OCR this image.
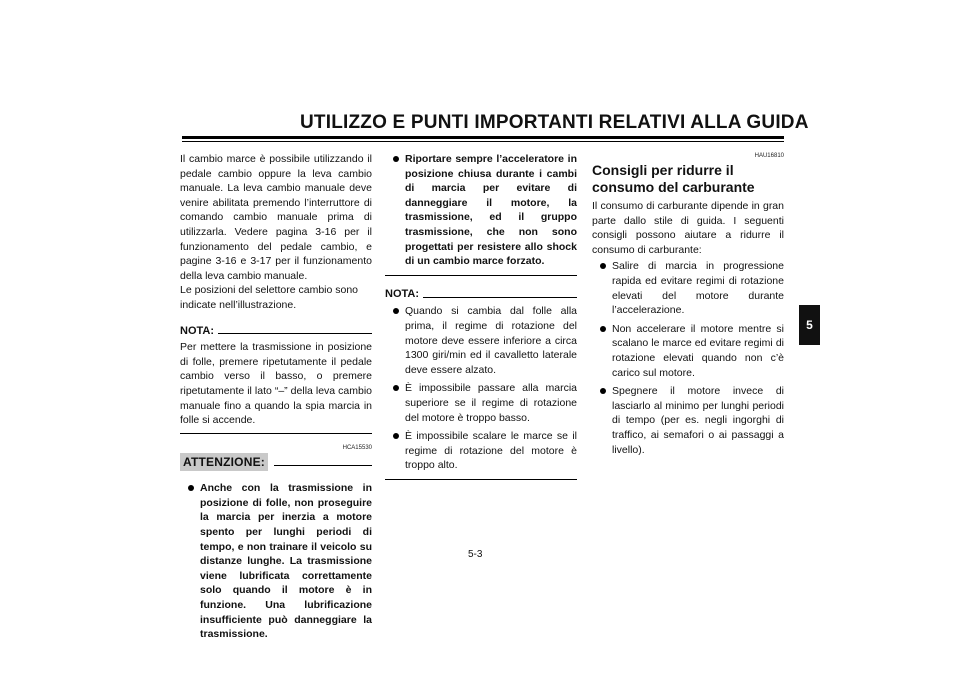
UTILIZZO E PUNTI IMPORTANTI RELATIVI ALLA GUIDA

Il cambio marce è possibile utilizzando il pedale cambio oppure la leva cambio manuale. La leva cambio manuale deve venire abilitata premendo l’interruttore di comando cambio manuale prima di utilizzarla. Vedere pagina 3-16 per il funzionamento del pedale cambio, e pagine 3-16 e 3-17 per il funzionamento della leva cambio manuale.

Le posizioni del selettore cambio sono indicate nell’illustrazione.

NOTA:

Per mettere la trasmissione in posizione di folle, premere ripetutamente il pedale cambio verso il basso, o premere ripetutamente il lato “–” della leva cambio manuale fino a quando la spia marcia in folle si accende.

HCA15530
ATTENZIONE:
Anche con la trasmissione in posizione di folle, non proseguire la marcia per inerzia a motore spento per lunghi periodi di tempo, e non trainare il veicolo su distanze lunghe. La trasmissione viene lubrificata correttamente solo quando il motore è in funzione. Una lubrificazione insufficiente può danneggiare la trasmissione.
Riportare sempre l’acceleratore in posizione chiusa durante i cambi di marcia per evitare di danneggiare il motore, la trasmissione, ed il gruppo trasmissione, che non sono progettati per resistere allo shock di un cambio marce forzato.
NOTA:
Quando si cambia dal folle alla prima, il regime di rotazione del motore deve essere inferiore a circa 1300 giri/min ed il cavalletto laterale deve essere alzato.
È impossibile passare alla marcia superiore se il regime di rotazione del motore è troppo basso.
È impossibile scalare le marce se il regime di rotazione del motore è troppo alto.
HAU16810
Consigli per ridurre il consumo del carburante

Il consumo di carburante dipende in gran parte dallo stile di guida. I seguenti consigli possono aiutare a ridurre il consumo di carburante:

Salire di marcia in progressione rapida ed evitare regimi di rotazione elevati del motore durante l’accelerazione.
Non accelerare il motore mentre si scalano le marce ed evitare regimi di rotazione elevati quando non c’è carico sul motore.
Spegnere il motore invece di lasciarlo al minimo per lunghi periodi di tempo (per es. negli ingorghi di traffico, ai semafori o ai passaggi a livello).
5
5-3
